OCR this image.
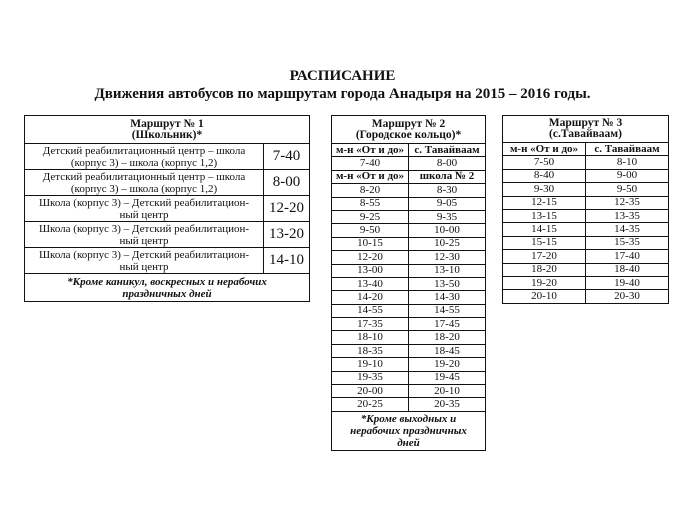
РАСПИСАНИЕ
Движения автобусов по маршрутам города Анадыря на 2015 – 2016 годы.
Маршрут № 1
(Школьник)*	
Детский реабилитационный центр – школа
(корпус 3) – школа (корпус 1,2)	7-40
Детский реабилитационный центр – школа
(корпус 3) – школа (корпус 1,2)	8-00
Школа (корпус 3) – Детский реабилитацион-
ный центр	12-20
Школа (корпус 3) – Детский реабилитацион-
ный центр	13-20
Школа (корпус 3) – Детский реабилитацион-
ный центр	14-10
*Кроме каникул, воскресных и нерабочих
праздничных дней	
Маршрут № 2
(Городское кольцо)*	
м-н «От и до»	с. Тавайваам
7-40	8-00
м-н «От и до»	школа № 2
8-20	8-30
8-55	9-05
9-25	9-35
9-50	10-00
10-15	10-25
12-20	12-30
13-00	13-10
13-40	13-50
14-20	14-30
14-55	14-55
17-35	17-45
18-10	18-20
18-35	18-45
19-10	19-20
19-35	19-45
20-00	20-10
20-25	20-35
*Кроме выходных и
нерабочих праздничных
дней	
Маршрут № 3
(с.Тавайваам)	
м-н «От и до»	с. Тавайваам
7-50	8-10
8-40	9-00
9-30	9-50
12-15	12-35
13-15	13-35
14-15	14-35
15-15	15-35
17-20	17-40
18-20	18-40
19-20	19-40
20-10	20-30
